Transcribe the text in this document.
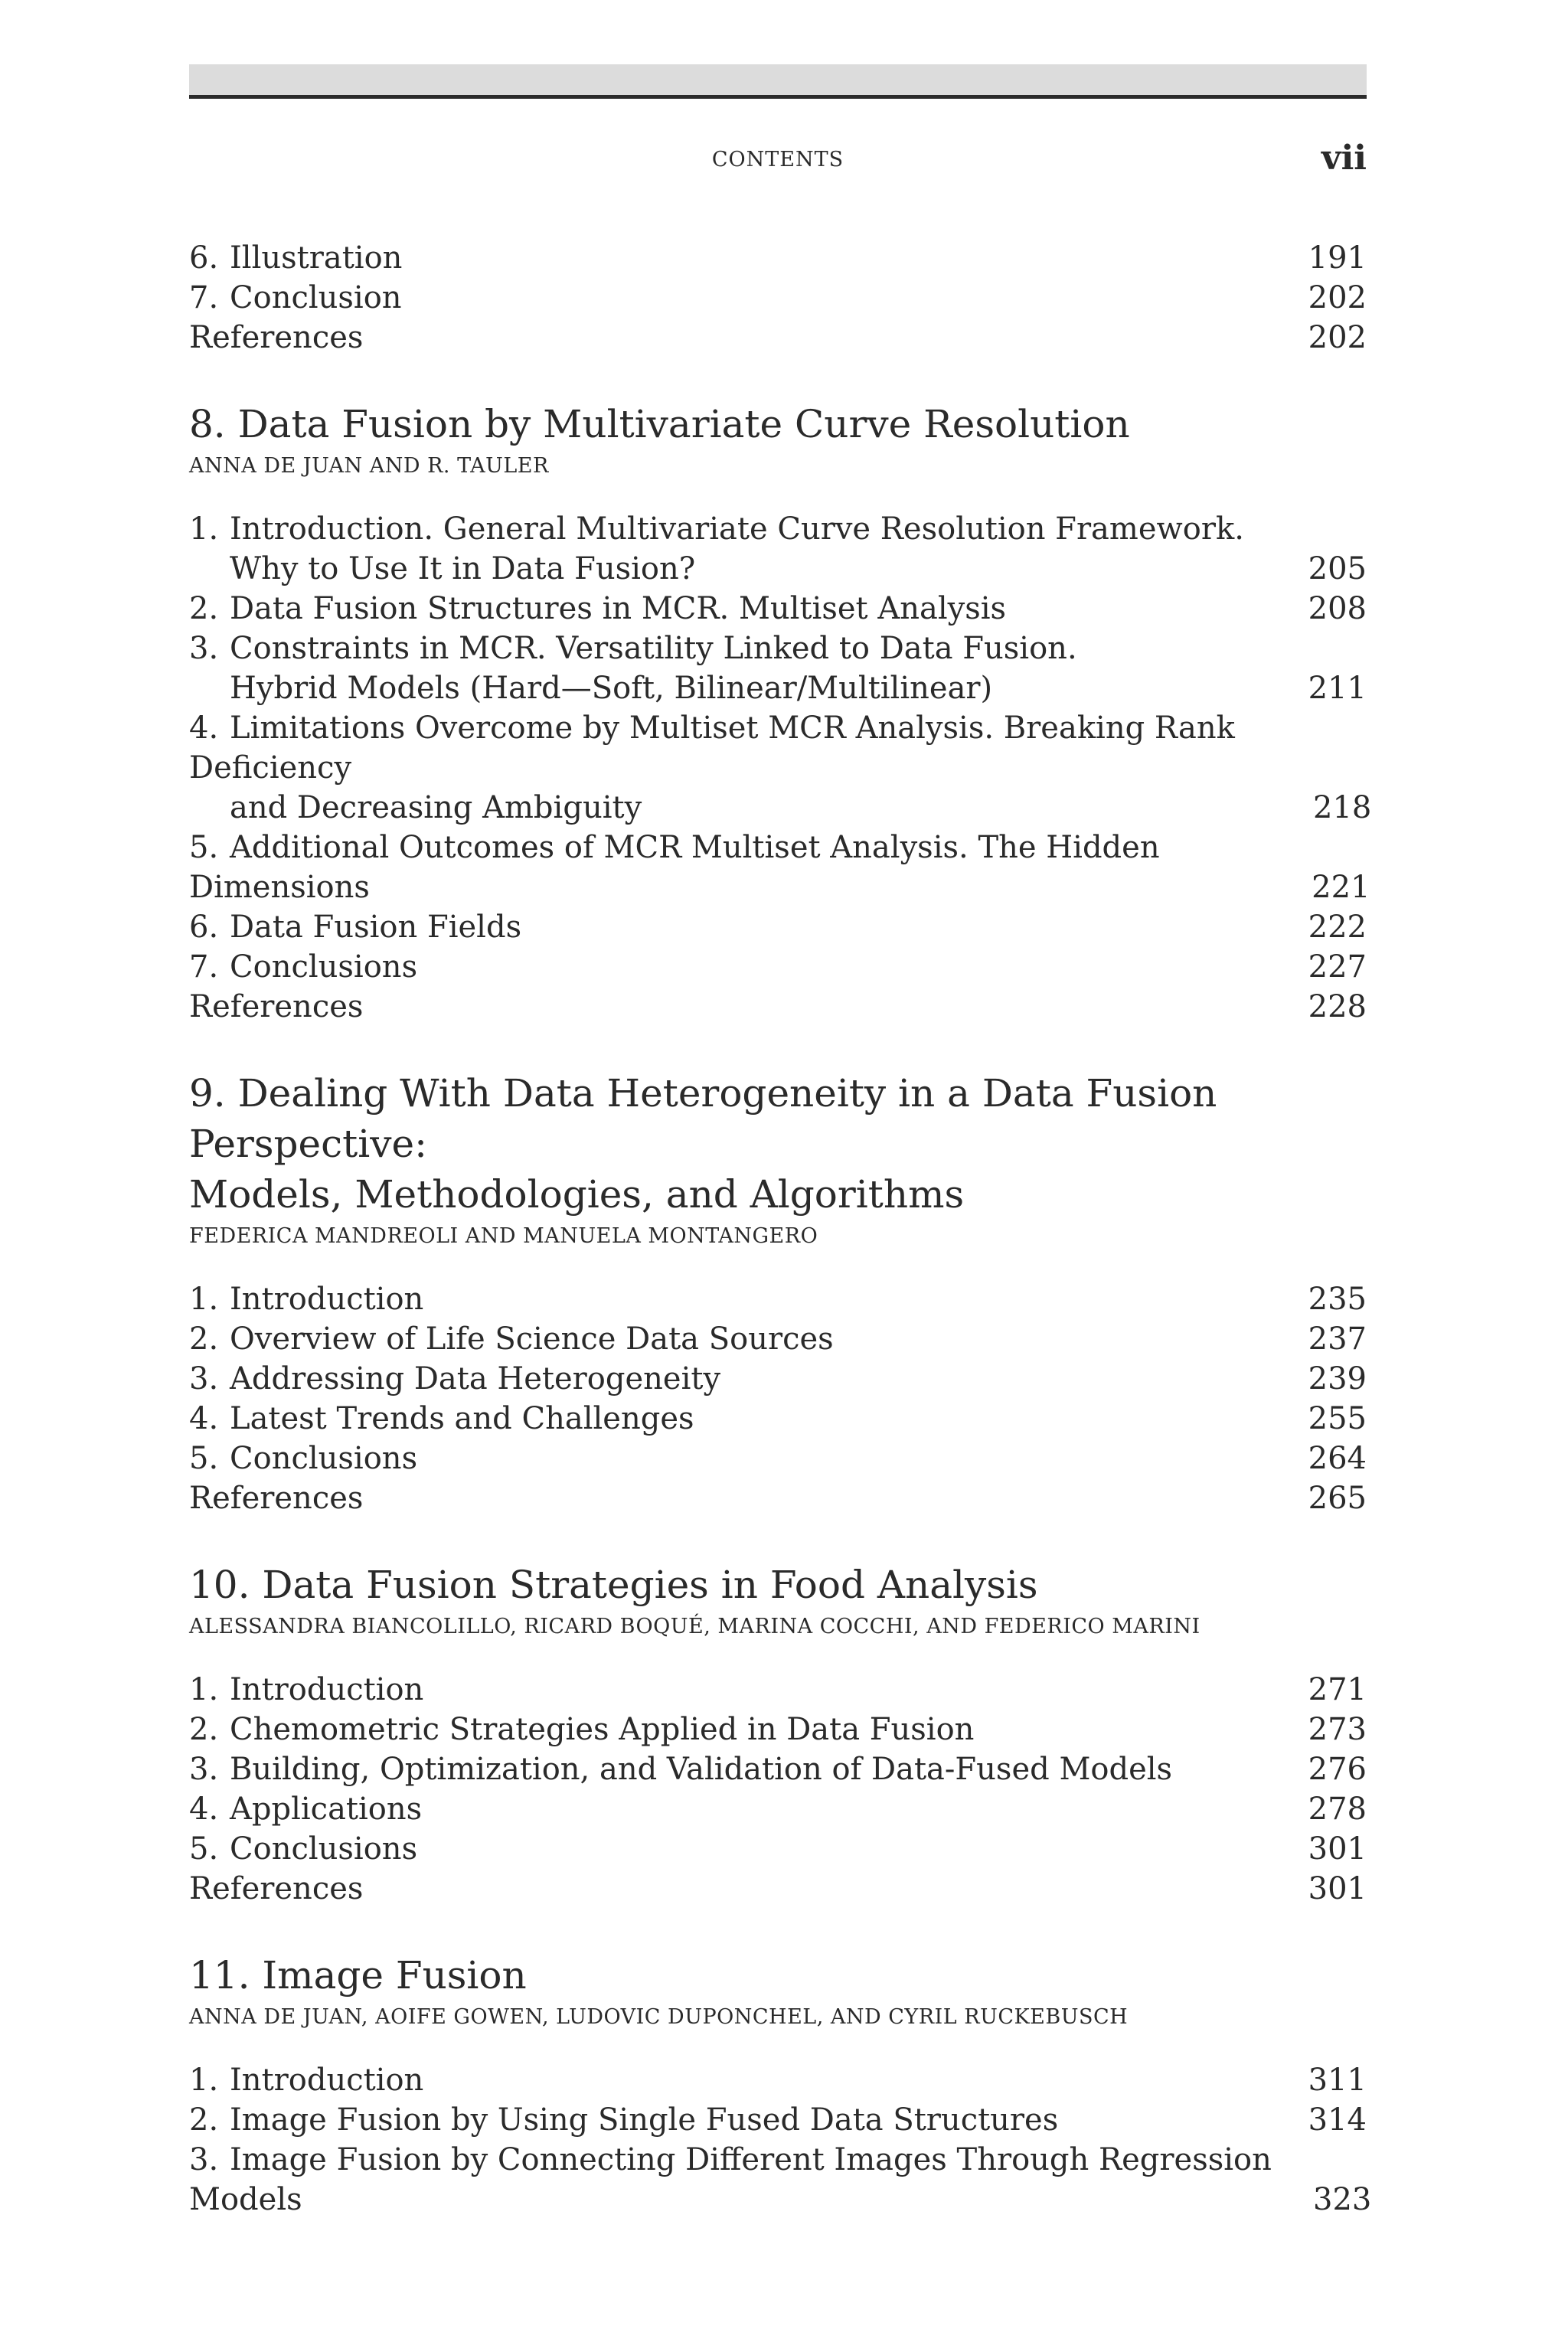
CONTENTS	vii
6. Illustration	191
7. Conclusion	202
References	202
8. Data Fusion by Multivariate Curve Resolution
ANNA DE JUAN AND R. TAULER
1. Introduction. General Multivariate Curve Resolution Framework.
Why to Use It in Data Fusion?	205
2. Data Fusion Structures in MCR. Multiset Analysis	208
3. Constraints in MCR. Versatility Linked to Data Fusion.
Hybrid Models (Hard—Soft, Bilinear/Multilinear)	211
4. Limitations Overcome by Multiset MCR Analysis. Breaking Rank Deficiency
and Decreasing Ambiguity	218
5. Additional Outcomes of MCR Multiset Analysis. The Hidden Dimensions	221
6. Data Fusion Fields	222
7. Conclusions	227
References	228
9. Dealing With Data Heterogeneity in a Data Fusion Perspective:
Models, Methodologies, and Algorithms
FEDERICA MANDREOLI AND MANUELA MONTANGERO
1. Introduction	235
2. Overview of Life Science Data Sources	237
3. Addressing Data Heterogeneity	239
4. Latest Trends and Challenges	255
5. Conclusions	264
References	265
10. Data Fusion Strategies in Food Analysis
ALESSANDRA BIANCOLILLO, RICARD BOQUÉ, MARINA COCCHI, AND FEDERICO MARINI
1. Introduction	271
2. Chemometric Strategies Applied in Data Fusion	273
3. Building, Optimization, and Validation of Data-Fused Models	276
4. Applications	278
5. Conclusions	301
References	301
11. Image Fusion
ANNA DE JUAN, AOIFE GOWEN, LUDOVIC DUPONCHEL, AND CYRIL RUCKEBUSCH
1. Introduction	311
2. Image Fusion by Using Single Fused Data Structures	314
3. Image Fusion by Connecting Different Images Through Regression Models	323
